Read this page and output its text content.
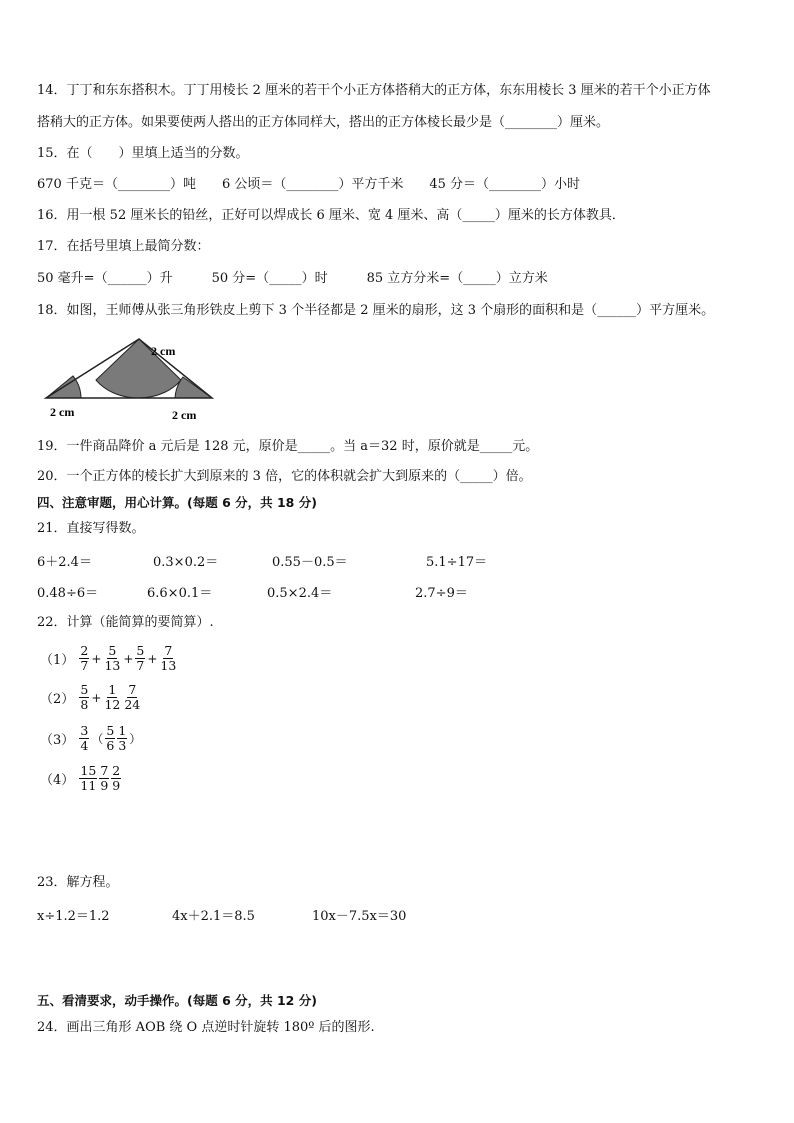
14．丁丁和东东搭积木。丁丁用棱长 2 厘米的若干个小正方体搭稍大的正方体，东东用棱长 3 厘米的若干个小正方体
搭稍大的正方体。如果要使两人搭出的正方体同样大，搭出的正方体棱长最少是（________）厘米。
15．在（　　）里填上适当的分数。
670 千克＝（________）吨　　6 公顷＝（________）平方千米　　45 分＝（________）小时
16．用一根 52 厘米长的铅丝，正好可以焊成长 6 厘米、宽 4 厘米、高（_____）厘米的长方体教具．
17．在括号里填上最简分数：
50 毫升=（______）升　　　50 分=（_____）时　　　85 立方分米=（_____）立方米
18．如图，王师傅从张三角形铁皮上剪下 3 个半径都是 2 厘米的扇形，这 3 个扇形的面积和是（______）平方厘米。
2 cm
2 cm	2 cm
19．一件商品降价 a 元后是 128 元，原价是_____。当 a＝32 时，原价就是_____元。
20．一个正方体的棱长扩大到原来的 3 倍，它的体积就会扩大到原来的（_____）倍。
四、注意审题，用心计算。(每题 6 分，共 18 分)
21．直接写得数。
6＋2.4＝	0.3×0.2＝	0.55－0.5＝	5.1÷17＝
0.48÷6＝	6.6×0.1＝	0.5×2.4＝	2.7÷9＝
22．计算（能简算的要简算）.
$(1) \frac{2}{7} + \frac{5}{13} + \frac{5}{7} + \frac{7}{13}$
$(2) \frac{5}{8} + \frac{1}{12} \frac{7}{24}$
$(3) \frac{3}{4}$ （ $\frac{5}{6} \frac{1}{3}$ ）
$(4) \frac{15}{11} \frac{7}{9} \frac{2}{9}$
23．解方程。
x÷1.2＝1.2	4x＋2.1＝8.5	10x－7.5x＝30
五、看清要求，动手操作。(每题 6 分，共 12 分)
24．画出三角形 AOB 绕 O 点逆时针旋转 180º 后的图形.
